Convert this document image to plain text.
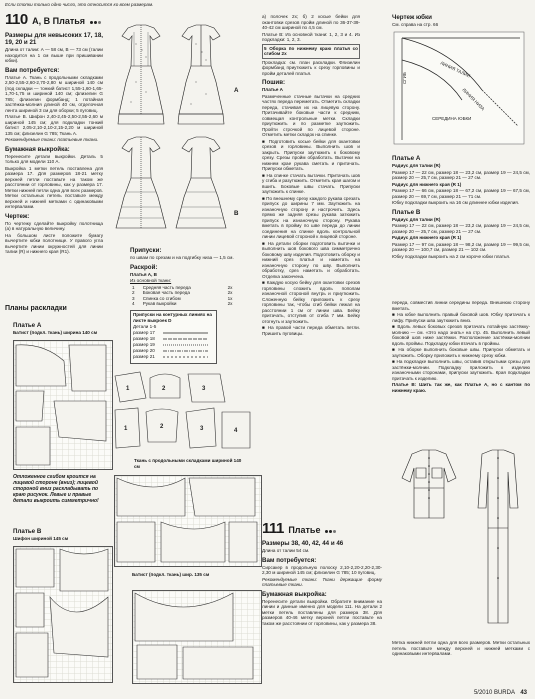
Если стопки только одно число, это относится ко всем размерам.
110 А, В Платья

Размеры для невысоких 17, 18, 19, 20 и 21

Длина от талии: А — 58 см, В — 73 см (талии находится на 1 см выше при пришивании юбки).

Вам потребуется:

Платье А. Ткань с продольными складками 2,50-2,55-2,60-2,70-2,80 м шириной 140 см (под складки — тонкий батист 1,55-1,60-1,65-1,70-1,75 м шириной 140 см; флизелин G 785; флизелин формбанд; 1 потайная застёжка-молния длиной 40 см, отделочная лента шириной 3 см для оборки; 5 пуговиц.

Платье В. Шифон 2,40-2,45-2,50-2,55-2,60 м шириной 145 см; для подкладки тонкий батист 2,05-2,10-2,10-2,15-2,20 м шириной 135 см; флизелин G 785; Ткань A.

Рекомендуемые ткани: платьевые ткани.

Бумажная выкройка:

Перенесите детали выкройки. Деталь 5 только для модели 110 А.

Выкройка 1 метки петель поставлена для размера 17. Для размеров 18-21 метку верхней петли поставьте на таком же расстоянии от горловины, как у размера 17. Метки нижней петли одна для всех размеров. Метки остальных петель поставьте между верхней и нижней метками с одинаковыми интервалами.

Чертеж:

По чертежу сделайте выкройку полотнища (а) в натуральную величину.

На большом листе положите бумагу вычертите юбки полотнище. У правого угла вычертите линии окружностей для линии талии (R) и нижнего края (R1).

А
В
Припуски:

по швам по срезам и на подгибку низа — 1,5 см.

Раскрой:

Платья А, В

Из основной ткани:

1	Средняя часть переда	2x
2	Боковая часть переда	2x
3	Спинка со сгибом	1x
4	Рукав выкройки	2x
Припуски на контурных линиях на листе выкроек D
Детали 1-5
размер 17
размер 18
размер 19
размер 20
размер 21
1	2	3
1	2	3	4
Планы раскладки
Платье А
Батист (подкл. ткань) ширина 140 см
Отложенное сгибом кроится на лицевой стороне (вниз); лицевой стороной вниз раскладывать по краю рисунок. Левые и правые детали выкроить симметрично!
Ткань с продольными складками шириной 140 см
Платье В
Шифон шириной 145 см
Батист (подкл. ткань) шир. 135 см

а) полочек 2x; б) 2 косые бейки для окантовки срезов пройм длиной по 36-37-39-40-42 см шириной по 4,5 см.

Платье В: Из основной ткани: 1, 2, 3 и 4. Из подкладки: 1, 2, 3.

5 Оборка по нижнему краю платья со сгибом 2x

Прокладка: см. план раскладки. Флизелин формбанд приутюжить к срезу горловины и пройм деталей платья.

Пошив:

Платье А

Размеченные стачные вытачки на средних частях переда переметать. Отметить складки переда, стачивая их на лицевую сторону. Притачивайте боковые части к средним, совмещая контрольные метки. Складки приутюжить и по разметке заутюжить. Пройти строчкой по лицевой стороне. Отметить метки складок на спинке.

■ Подготовить косые бейки для окантовки срезов и горловины. Выполнить шов и закрыть. Припуски заутюжить к боковому срезу. Срезы пройм обработать. Вытачки на нижнем крае рукава сметать и притачать. Припуски обметать.

■ На спинке стачать вытачки. Притачать шов у сгиба и разутюжить. Отметить края шагом и вшить. Боковые швы стачать. Припуски заутюжить к спинке.

■ По внешнему срезу каждого рукава срезать припуск до ширины 7 мм. Заутюжить на изнаночную сторону и настрочить. Здесь прямо же задняя срезы рукава затюжить припуск на изнаночную сторону. Рукава вметать в пройму по шве переда до линии соединения на спинке вдоль контрольной линии лицевой стороной к лицевой стороне.

■ На детали оборки подготовить вытачки и выполнить шов бокового шва симметрично боковому шву изделия. Подготовить оборку и нижний срез платья и наметать на изнаночную сторону по шву. Выполнить обработку, срез наметать и обработать. Отделка закончена.

■ Каждую косую бейку для окантовки срезов горловины сложить вдоль пополам изнаночной стороной внутрь и приутюжить. Сложенную бейку приложить к срезу горловины так, чтобы сгиб бейки лежал на расстоянии 1 см от линии шва. Бейку притачать, отступив от сгиба 7 мм. Бейку отогнуть и заутюжить.

■ На правой части переда обметать петли. Пришить пуговицы.

111 Платье

Размеры 38, 40, 42, 44 и 46

Длина от талии 54 см.

Вам потребуется:

Сирсакер в продольную полоску 2,10-2,20-2,20-2,30-2,30 м шириной 145 см; флизелин G 785; 10 пуговиц.

Рекомендуемые ткани: Ткани держащие форму платьевые ткани.

Бумажная выкройка:

Перенесите детали выкройки. Обратите внимание на линии и данные именно для модели 111. На детали 2 метки петель поставлены для размера 38. Для размеров 40-46 метку верхней петли поставьте на таком же расстоянии от горловины, как у размера 38.

Чертеж юбки
См. справа на стр. 66
СГИБ	ЛИНИЯ ТАЛИИ
ЛИНИЯ НИЗА
СЕРЕДИНА ЮБКИ
Платье А

Радиус для талии (R)

Размер 17 — 22 см, размер 18 — 23,2 см, размер 19 — 24,5 см, размер 20 — 25,7 см, размер 21 — 27 см.

Радиус для нижнего края (R 1)

Размер 17 — 66 см, размер 18 — 67,2 см, размер 19 — 67,5 см, размер 20 — 69,7 см, размер 21 — 71 см.

Юбку подкладки выкроить на 16 см длиннее юбки изделия.

Платье В

Радиус для талии (R)

Размер 17 — 22 см, размер 18 — 23,2 см, размер 19 — 24,5 см, размер 20 — 25,7 см, размер 21 — 27 см.

Радиус для нижнего края (R 1)

Размер 17 — 97 см, размер 18 — 98,2 см, размер 19 — 99,5 см, размер 20 — 100,7 см, размер 21 — 102 см.

Юбку подкладки выкроить на 2 см короче юбки платья.

переда, совместив линии середины переда. Внешнюю сторону вметать.

■ На юбке выполнить правый боковой шов. Юбку притачать к лифу. Припуски шва заутюжить вниз.

■ Вдоль левых боковых срезов притачать потайную застёжку-молнию — см. «Это надо знать» на стр. 45. Выполнить левый боковой шов ниже застёжки. Расположение застёжки-молнии вдоль проймы. Подкладку юбки втачать в проймы.

■ На оборке выполнить боковые швы. Припуски обметать и заутюжить. Оборку приложить к нижнему срезу юбки.

■ На подкладке выполнить швы, оставив открытыми срезы для застёжки-молнии. Подкладку приложить к изделию изнаночными сторонами, припуски заутюжить. Края подкладки притачать к изделию.

Платье В: Шить так же, как Платье А, но с кантом по нижнему краю.

Метка нижней петли одна для всех размеров. Метки остальных петель поставьте между верхней и нижней метками с одинаковыми интервалами.

5/2010 BURDA 43
